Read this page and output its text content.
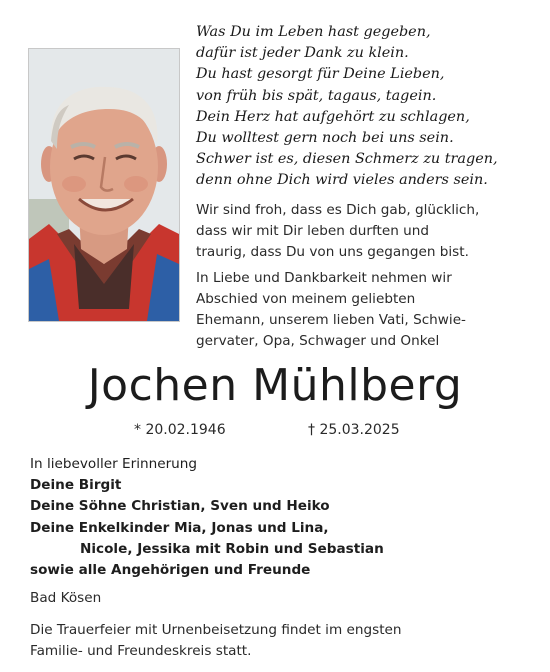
Was Du im Leben hast gegeben,
dafür ist jeder Dank zu klein.
Du hast gesorgt für Deine Lieben,
von früh bis spät, tagaus, tagein.
Dein Herz hat aufgehört zu schlagen,
Du wolltest gern noch bei uns sein.
Schwer ist es, diesen Schmerz zu tragen,
denn ohne Dich wird vieles anders sein.
Wir sind froh, dass es Dich gab, glücklich,
dass wir mit Dir leben durften und
traurig, dass Du von uns gegangen bist.
In Liebe und Dankbarkeit nehmen wir
Abschied von meinem geliebten
Ehemann, unserem lieben Vati, Schwie-
gervater, Opa, Schwager und Onkel
Jochen Mühlberg
* 20.02.1946	† 25.03.2025
In liebevoller Erinnerung
Deine Birgit
Deine Söhne Christian, Sven und Heiko
Deine Enkelkinder Mia, Jonas und Lina,
Nicole, Jessika mit Robin und Sebastian
sowie alle Angehörigen und Freunde
Bad Kösen
Die Trauerfeier mit Urnenbeisetzung findet im engsten
Familie- und Freundeskreis statt.
